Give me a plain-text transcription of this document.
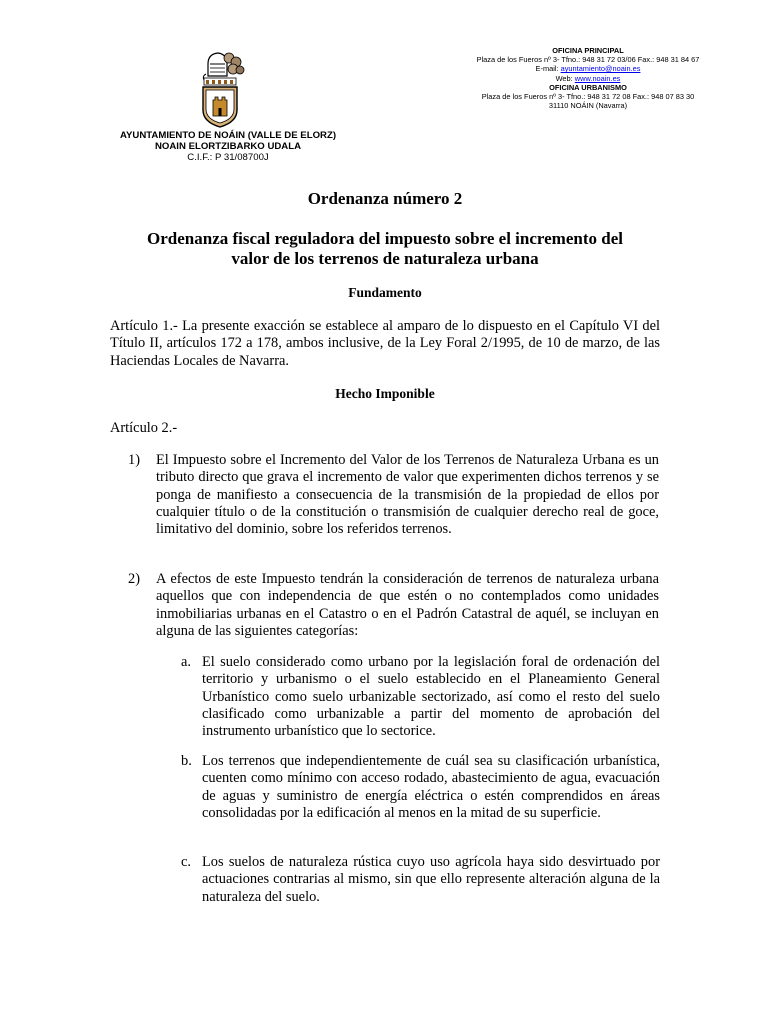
OFICINA PRINCIPAL
Plaza de los Fueros nº 3- Tfno.: 948 31 72 03/06 Fax.: 948 31 84 67
E-mail: ayuntamiento@noain.es
Web: www.noain.es
OFICINA URBANISMO
Plaza de los Fueros nº 3- Tfno.: 948 31 72 08 Fax.: 948 07 83 30
31110 NOÁIN (Navarra)
AYUNTAMIENTO DE NOÁIN (VALLE DE ELORZ)
NOAIN ELORTZIBARKO UDALA
C.I.F.: P 31/08700J
Ordenanza número 2
Ordenanza fiscal reguladora del impuesto sobre el incremento del
valor de los terrenos de naturaleza urbana
Fundamento
Artículo 1.- La presente exacción se establece al amparo de lo dispuesto en el Capítulo VI del Título II, artículos 172 a 178, ambos inclusive, de la Ley Foral 2/1995, de 10 de marzo, de las Haciendas Locales de Navarra.
Hecho Imponible
Artículo 2.-
1) El Impuesto sobre el Incremento del Valor de los Terrenos de Naturaleza Urbana es un tributo directo que grava el incremento de valor que experimenten dichos terrenos y se ponga de manifiesto a consecuencia de la transmisión de la propiedad de ellos por cualquier título o de la constitución o transmisión de cualquier derecho real de goce, limitativo del dominio, sobre los referidos terrenos.
2) A efectos de este Impuesto tendrán la consideración de terrenos de naturaleza urbana aquellos que con independencia de que estén o no contemplados como unidades inmobiliarias urbanas en el Catastro o en el Padrón Catastral de aquél, se incluyan en alguna de las siguientes categorías:
a. El suelo considerado como urbano por la legislación foral de ordenación del territorio y urbanismo o el suelo establecido en el Planeamiento General Urbanístico como suelo urbanizable sectorizado, así como el resto del suelo clasificado como urbanizable a partir del momento de aprobación del instrumento urbanístico que lo sectorice.
b. Los terrenos que independientemente de cuál sea su clasificación urbanística, cuenten como mínimo con acceso rodado, abastecimiento de agua, evacuación de aguas y suministro de energía eléctrica o estén comprendidos en áreas consolidadas por la edificación al menos en la mitad de su superficie.
c. Los suelos de naturaleza rústica cuyo uso agrícola haya sido desvirtuado por actuaciones contrarias al mismo, sin que ello represente alteración alguna de la naturaleza del suelo.
